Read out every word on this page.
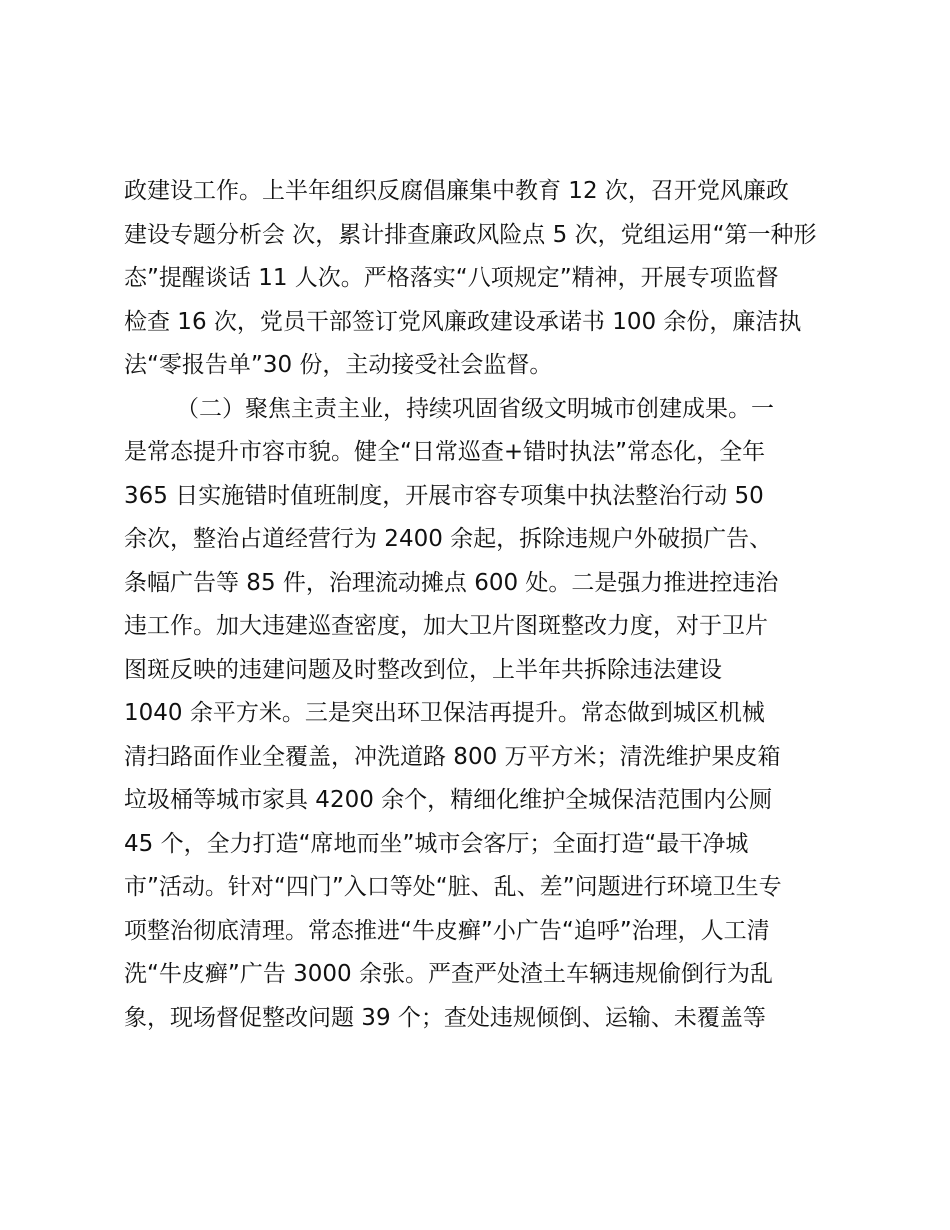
政建设工作。上半年组织反腐倡廉集中教育 12 次，召开党风廉政
建设专题分析会 次，累计排查廉政风险点 5 次，党组运用“第一种形
态”提醒谈话 11 人次。严格落实“八项规定”精神，开展专项监督
检查 16 次，党员干部签订党风廉政建设承诺书 100 余份，廉洁执
法“零报告单”30 份，主动接受社会监督。
（二）聚焦主责主业，持续巩固省级文明城市创建成果。一
是常态提升市容市貌。健全“日常巡查+错时执法”常态化，全年
365 日实施错时值班制度，开展市容专项集中执法整治行动 50
余次，整治占道经营行为 2400 余起，拆除违规户外破损广告、
条幅广告等 85 件，治理流动摊点 600 处。二是强力推进控违治
违工作。加大违建巡查密度，加大卫片图斑整改力度，对于卫片
图斑反映的违建问题及时整改到位，上半年共拆除违法建设
1040 余平方米。三是突出环卫保洁再提升。常态做到城区机械
清扫路面作业全覆盖，冲洗道路 800 万平方米；清洗维护果皮箱
垃圾桶等城市家具 4200 余个，精细化维护全城保洁范围内公厕
45 个，全力打造“席地而坐”城市会客厅；全面打造“最干净城
市”活动。针对“四门”入口等处“脏、乱、差”问题进行环境卫生专
项整治彻底清理。常态推进“牛皮癣”小广告“追呼”治理，人工清
洗“牛皮癣”广告 3000 余张。严查严处渣土车辆违规偷倒行为乱
象，现场督促整改问题 39 个；查处违规倾倒、运输、未覆盖等
